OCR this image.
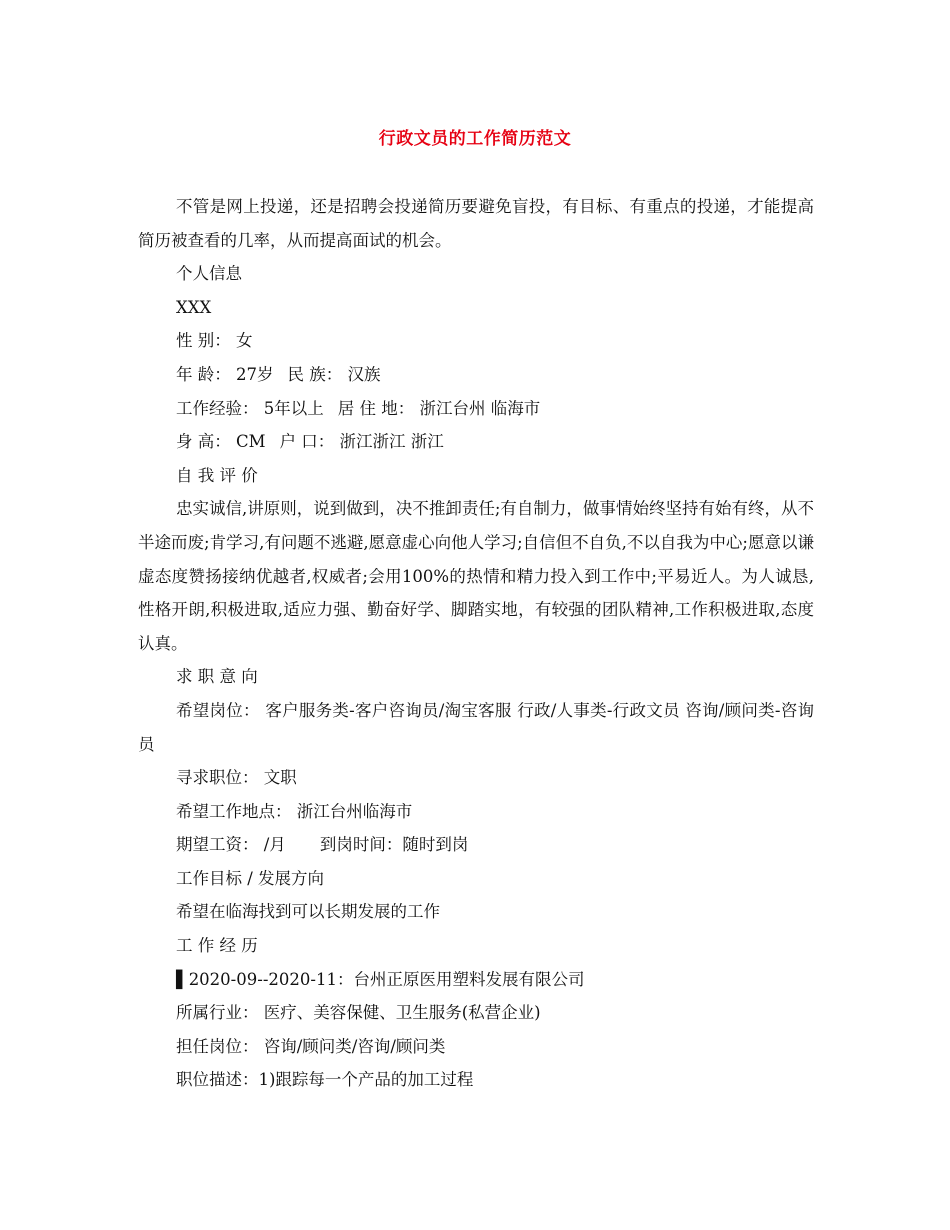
行政文员的工作简历范文
不管是网上投递，还是招聘会投递简历要避免盲投，有目标、有重点的投递，才能提高简历被查看的几率，从而提高面试的机会。
个人信息
XXX
性 别： 女
年 龄： 27岁 民 族： 汉族
工作经验： 5年以上 居 住 地： 浙江台州 临海市
身 高： CM 户 口： 浙江浙江 浙江
自 我 评 价
忠实诚信,讲原则，说到做到，决不推卸责任;有自制力，做事情始终坚持有始有终，从不半途而废;肯学习,有问题不逃避,愿意虚心向他人学习;自信但不自负,不以自我为中心;愿意以谦虚态度赞扬接纳优越者,权威者;会用100%的热情和精力投入到工作中;平易近人。为人诚恳,性格开朗,积极进取,适应力强、勤奋好学、脚踏实地，有较强的团队精神,工作积极进取,态度认真。
求 职 意 向
希望岗位： 客户服务类-客户咨询员/淘宝客服 行政/人事类-行政文员 咨询/顾问类-咨询员
寻求职位： 文职
希望工作地点： 浙江台州临海市
期望工资： /月 到岗时间：随时到岗
工作目标 / 发展方向
希望在临海找到可以长期发展的工作
工 作 经 历
▌2020-09--2020-11：台州正原医用塑料发展有限公司
所属行业： 医疗、美容保健、卫生服务(私营企业)
担任岗位： 咨询/顾问类/咨询/顾问类
职位描述：1)跟踪每一个产品的加工过程
